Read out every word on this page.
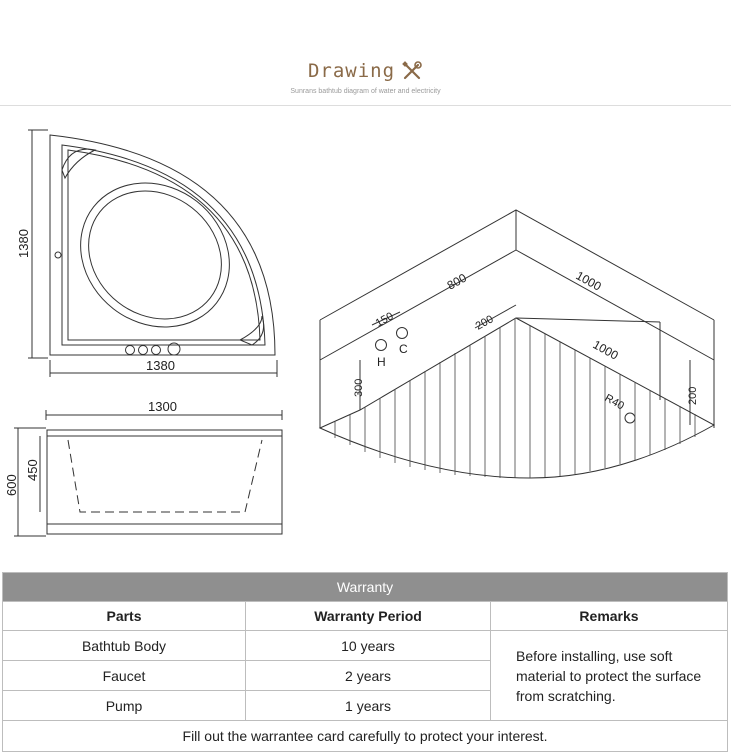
Drawing
Sunrans bathtub diagram of water and electricity
1380
1380
1300
600
450
800	1000
1000
150	200
300	200
R40
H
C
Warranty		
Parts	Warranty Period	Remarks
Bathtub Body	10 years	Before installing, use soft material to protect the surface from scratching.
Faucet	2 years	
Pump	1 years	
Fill out the warrantee card carefully to protect your interest.		
